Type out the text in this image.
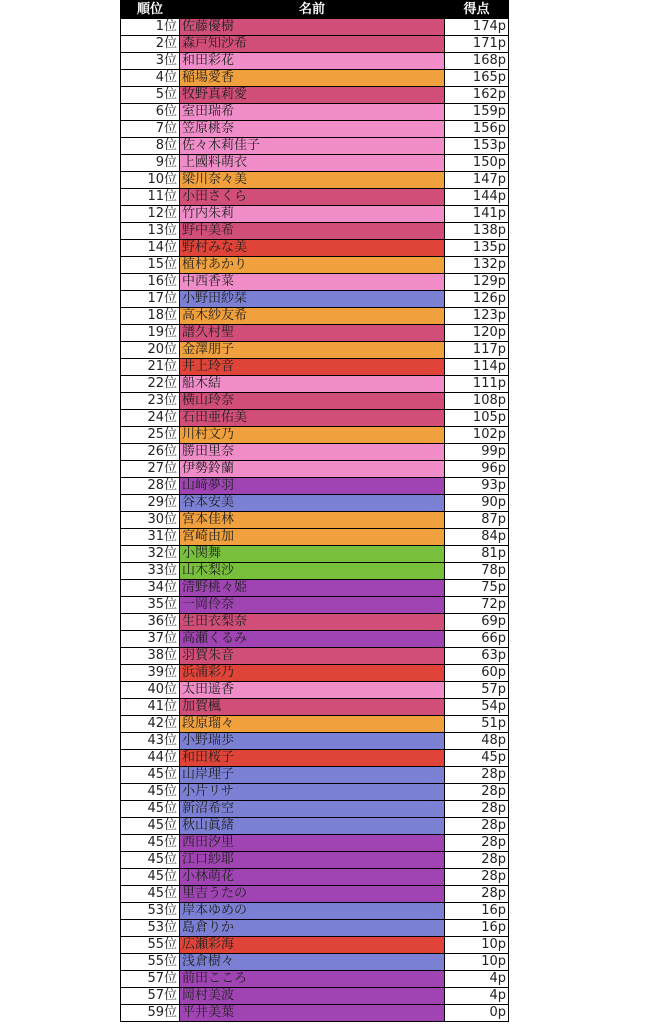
順位	名前	得点
1位	佐藤優樹	174p
2位	森戸知沙希	171p
3位	和田彩花	168p
4位	稲場愛香	165p
5位	牧野真莉愛	162p
6位	室田瑞希	159p
7位	笠原桃奈	156p
8位	佐々木莉佳子	153p
9位	上國料萌衣	150p
10位	梁川奈々美	147p
11位	小田さくら	144p
12位	竹内朱莉	141p
13位	野中美希	138p
14位	野村みな美	135p
15位	植村あかり	132p
16位	中西香菜	129p
17位	小野田紗栞	126p
18位	高木紗友希	123p
19位	譜久村聖	120p
20位	金澤朋子	117p
21位	井上玲音	114p
22位	船木結	111p
23位	横山玲奈	108p
24位	石田亜佑美	105p
25位	川村文乃	102p
26位	勝田里奈	99p
27位	伊勢鈴蘭	96p
28位	山﨑夢羽	93p
29位	谷本安美	90p
30位	宮本佳林	87p
31位	宮崎由加	84p
32位	小関舞	81p
33位	山木梨沙	78p
34位	清野桃々姫	75p
35位	一岡伶奈	72p
36位	生田衣梨奈	69p
37位	高瀬くるみ	66p
38位	羽賀朱音	63p
39位	浜浦彩乃	60p
40位	太田遥香	57p
41位	加賀楓	54p
42位	段原瑠々	51p
43位	小野瑞歩	48p
44位	和田桜子	45p
45位	山岸理子	28p
45位	小片リサ	28p
45位	新沼希空	28p
45位	秋山眞緒	28p
45位	西田汐里	28p
45位	江口紗耶	28p
45位	小林萌花	28p
45位	里吉うたの	28p
53位	岸本ゆめの	16p
53位	島倉りか	16p
55位	広瀬彩海	10p
55位	浅倉樹々	10p
57位	前田こころ	4p
57位	岡村美波	4p
59位	平井美葉	0p
